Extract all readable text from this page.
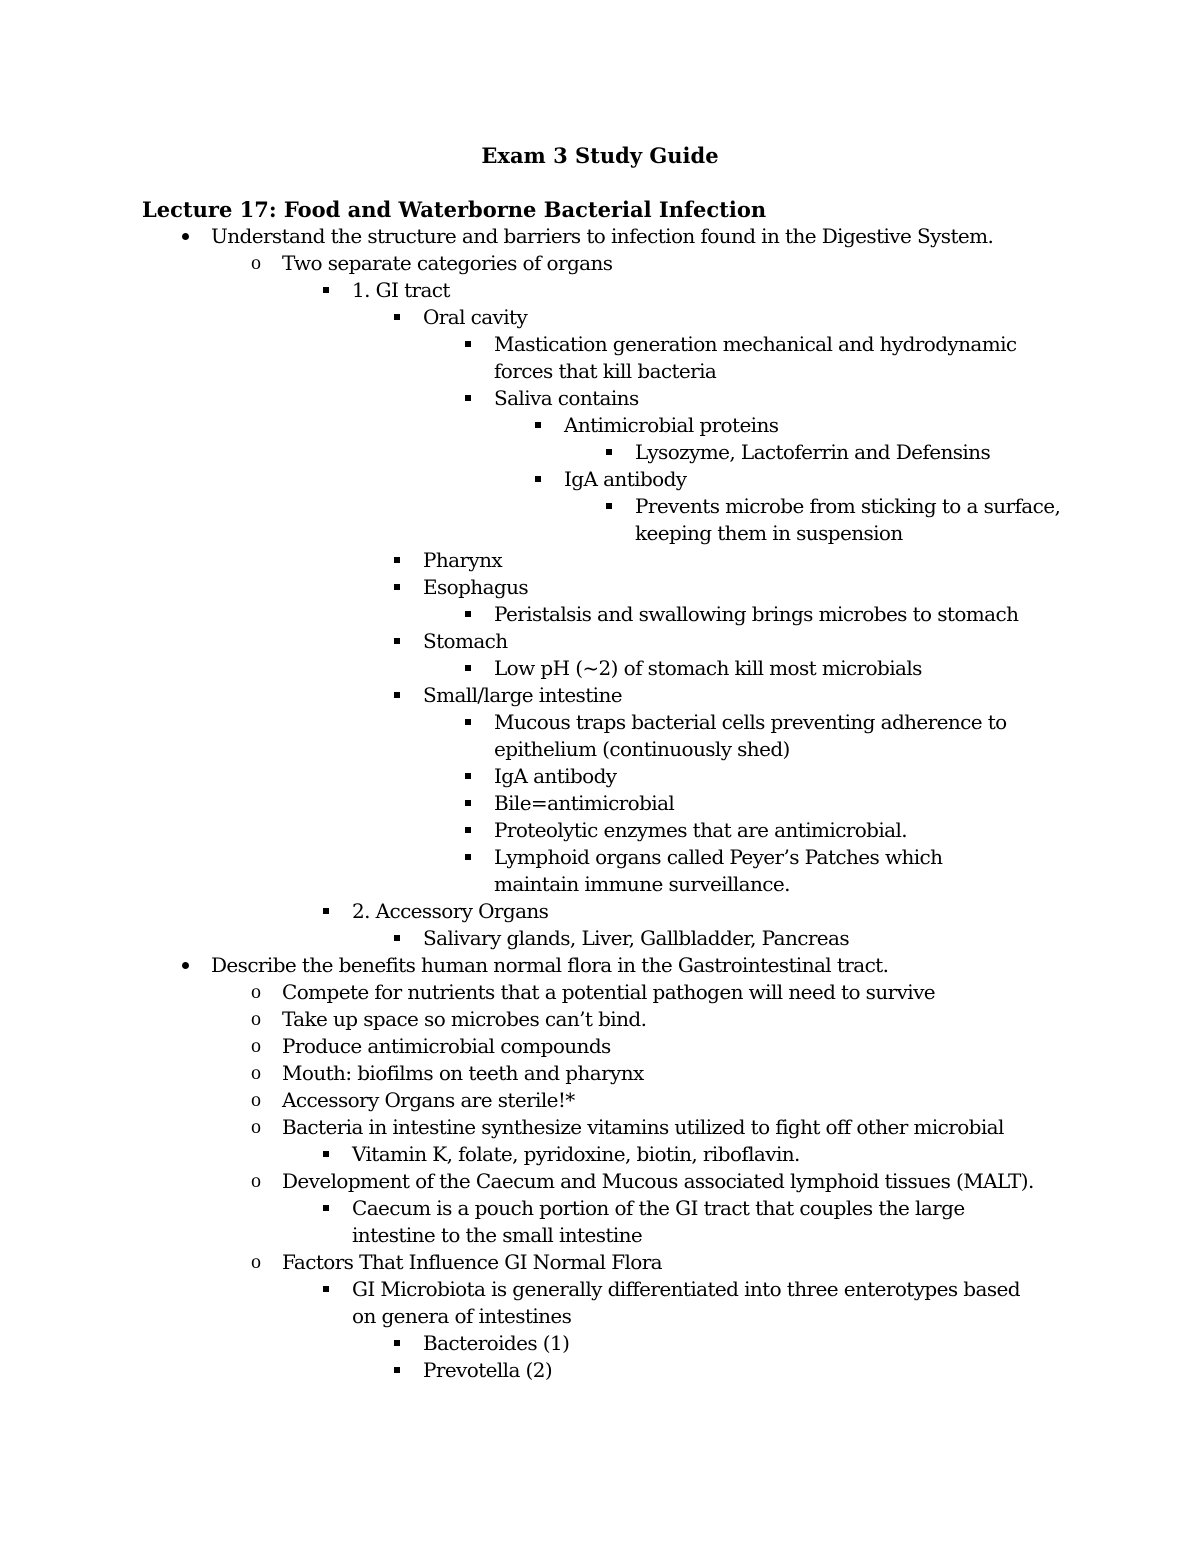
Exam 3 Study Guide
Lecture 17: Food and Waterborne Bacterial Infection
Understand the structure and barriers to infection found in the Digestive System.
o Two separate categories of organs
1. GI tract
Oral cavity
Mastication generation mechanical and hydrodynamic forces that kill bacteria
Saliva contains
Antimicrobial proteins
Lysozyme, Lactoferrin and Defensins
IgA antibody
Prevents microbe from sticking to a surface, keeping them in suspension
Pharynx
Esophagus
Peristalsis and swallowing brings microbes to stomach
Stomach
Low pH (~2) of stomach kill most microbials
Small/large intestine
Mucous traps bacterial cells preventing adherence to epithelium (continuously shed)
IgA antibody
Bile=antimicrobial
Proteolytic enzymes that are antimicrobial.
Lymphoid organs called Peyer’s Patches which maintain immune surveillance.
2. Accessory Organs
Salivary glands, Liver, Gallbladder, Pancreas
Describe the benefits human normal flora in the Gastrointestinal tract.
o Compete for nutrients that a potential pathogen will need to survive
o Take up space so microbes can’t bind.
o Produce antimicrobial compounds
o Mouth: biofilms on teeth and pharynx
o Accessory Organs are sterile!*
o Bacteria in intestine synthesize vitamins utilized to fight off other microbial
Vitamin K, folate, pyridoxine, biotin, riboflavin.
o Development of the Caecum and Mucous associated lymphoid tissues (MALT).
Caecum is a pouch portion of the GI tract that couples the large intestine to the small intestine
o Factors That Influence GI Normal Flora
GI Microbiota is generally differentiated into three enterotypes based on genera of intestines
Bacteroides (1)
Prevotella (2)
